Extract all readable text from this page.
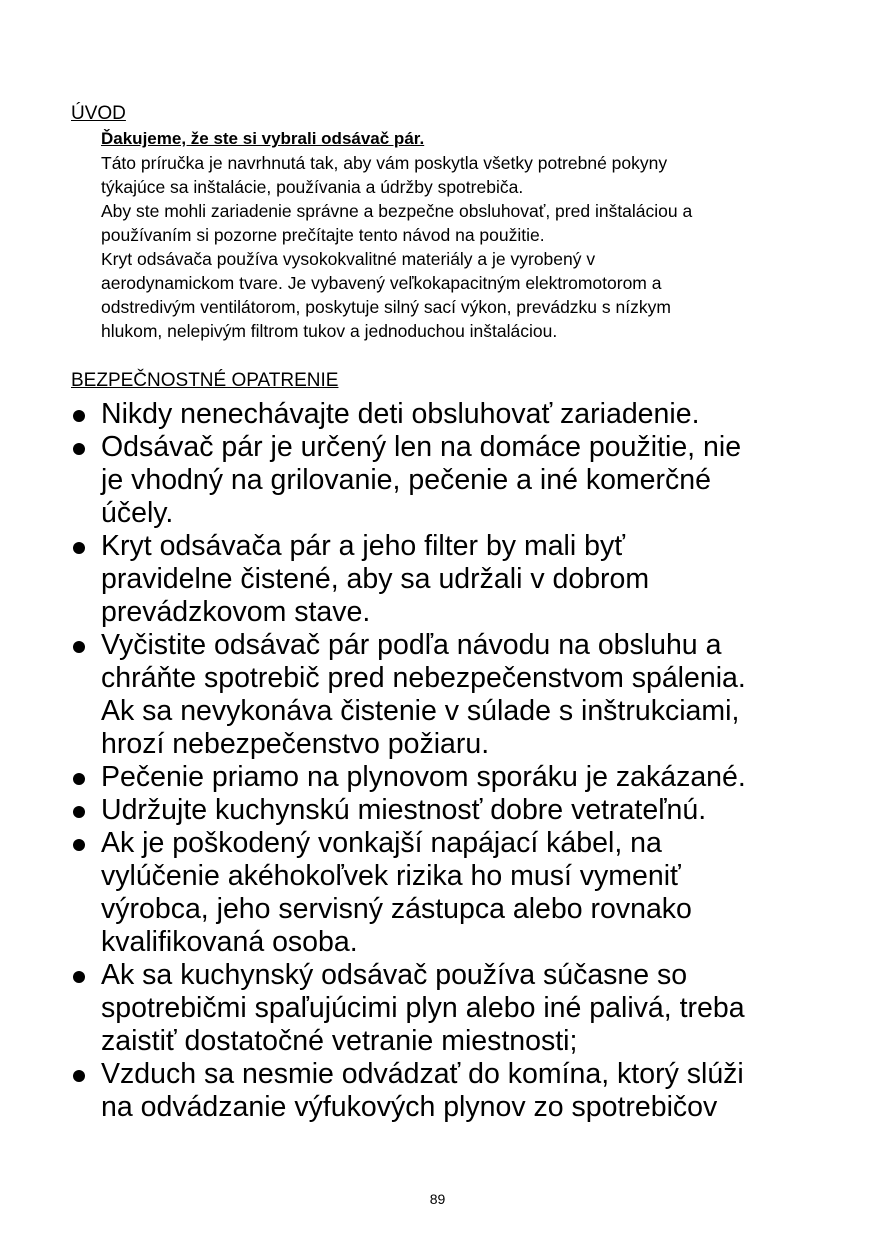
ÚVOD
Ďakujeme, že ste si vybrali odsávač pár.
Táto príručka je navrhnutá tak, aby vám poskytla všetky potrebné pokyny
týkajúce sa inštalácie, používania a údržby spotrebiča.
Aby ste mohli zariadenie správne a bezpečne obsluhovať, pred inštaláciou a
používaním si pozorne prečítajte tento návod na použitie.
Kryt odsávača používa vysokokvalitné materiály a je vyrobený v
aerodynamickom tvare. Je vybavený veľkokapacitným elektromotorom a
odstredivým ventilátorom, poskytuje silný sací výkon, prevádzku s nízkym
hlukom, nelepivým filtrom tukov a jednoduchou inštaláciou.
BEZPEČNOSTNÉ OPATRENIE
Nikdy nenechávajte deti obsluhovať zariadenie.
Odsávač pár je určený len na domáce použitie, nie
je vhodný na grilovanie, pečenie a iné komerčné
účely.
Kryt odsávača pár a jeho filter by mali byť
pravidelne čistené, aby sa udržali v dobrom
prevádzkovom stave.
Vyčistite odsávač pár podľa návodu na obsluhu a
chráňte spotrebič pred nebezpečenstvom spálenia.
Ak sa nevykonáva čistenie v súlade s inštrukciami,
hrozí nebezpečenstvo požiaru.
Pečenie priamo na plynovom sporáku je zakázané.
Udržujte kuchynskú miestnosť dobre vetrateľnú.
Ak je poškodený vonkajší napájací kábel, na
vylúčenie akéhokoľvek rizika ho musí vymeniť
výrobca, jeho servisný zástupca alebo rovnako
kvalifikovaná osoba.
Ak sa kuchynský odsávač používa súčasne so
spotrebičmi spaľujúcimi plyn alebo iné palivá, treba
zaistiť dostatočné vetranie miestnosti;
Vzduch sa nesmie odvádzať do komína, ktorý slúži
na odvádzanie výfukových plynov zo spotrebičov
89
